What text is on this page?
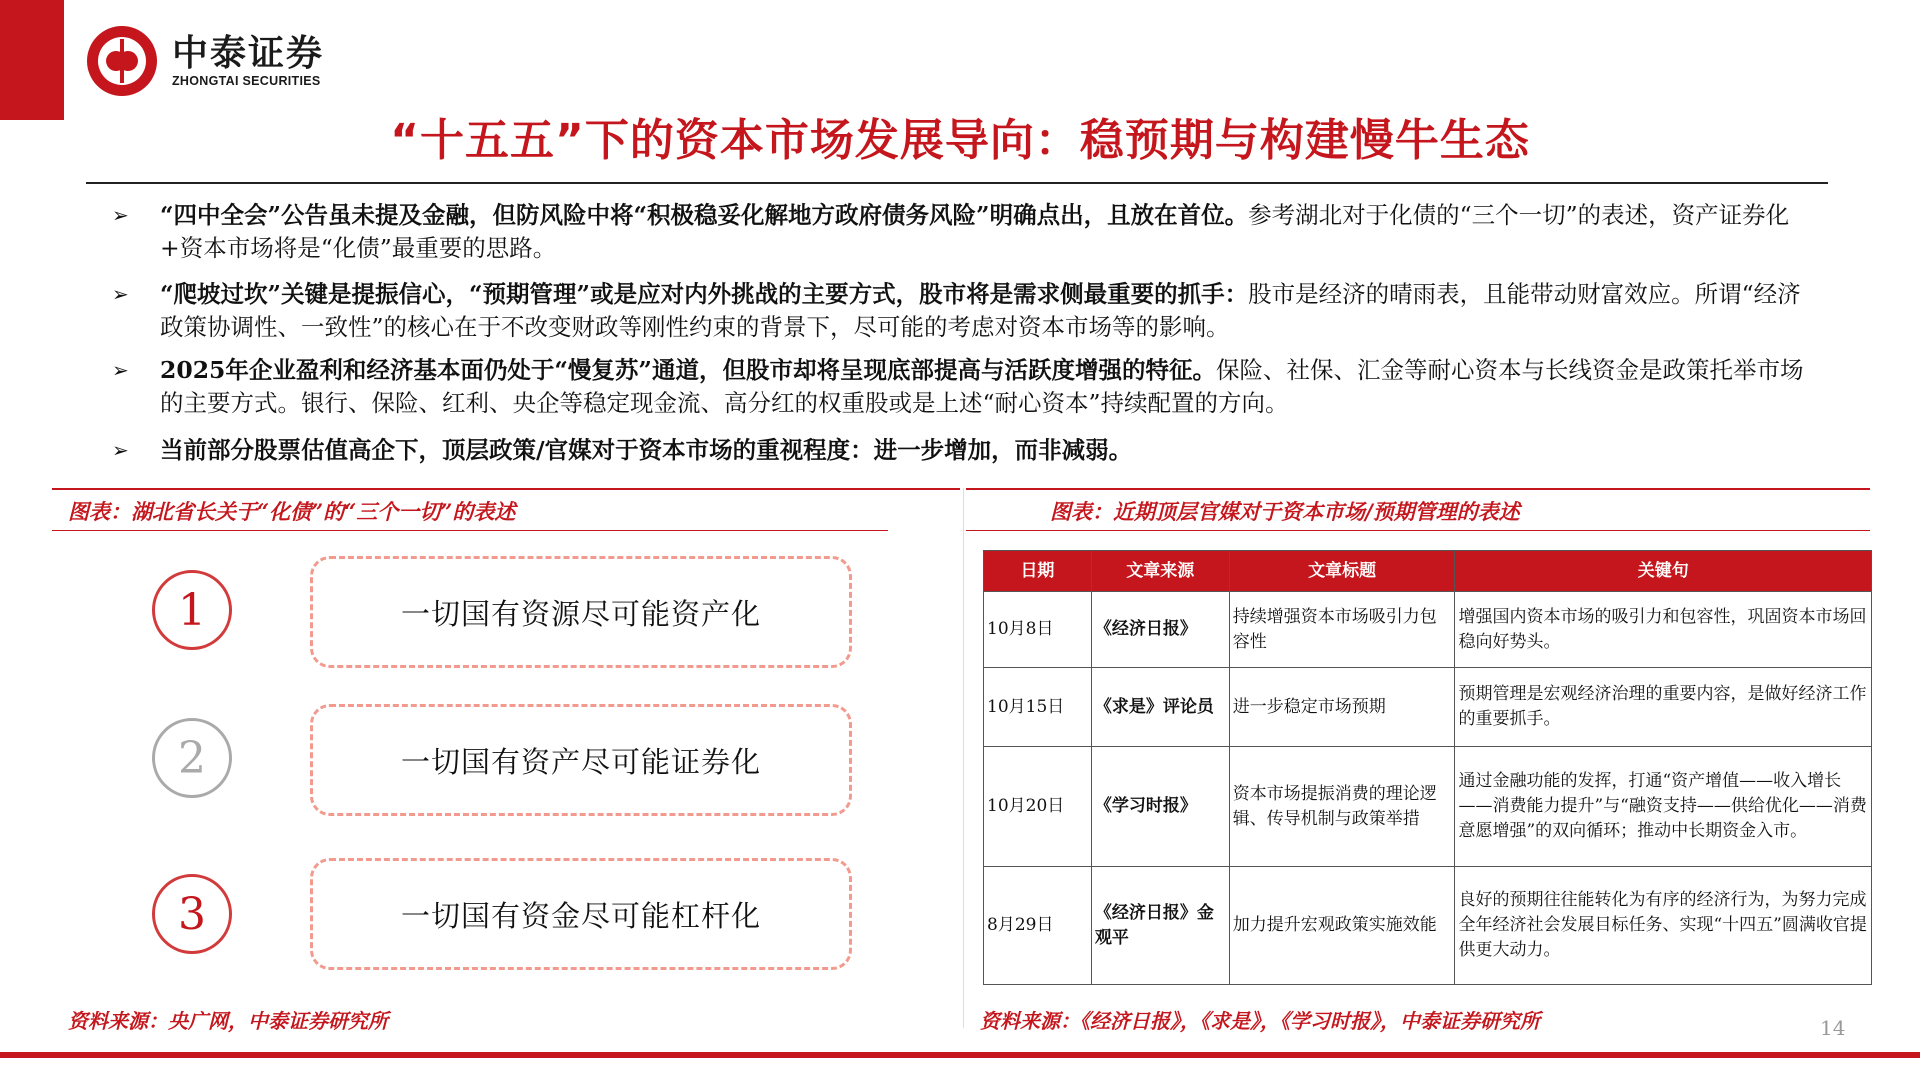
中泰证券
ZHONGTAI SECURITIES
“十五五”下的资本市场发展导向：稳预期与构建慢牛生态
➢	“四中全会”公告虽未提及金融，但防风险中将“积极稳妥化解地方政府债务风险”明确点出，且放在首位。参考湖北对于化债的“三个一切”的表述，资产证券化+资本市场将是“化债”最重要的思路。
➢	“爬坡过坎”关键是提振信心，“预期管理”或是应对内外挑战的主要方式，股市将是需求侧最重要的抓手：股市是经济的晴雨表，且能带动财富效应。所谓“经济政策协调性、一致性”的核心在于不改变财政等刚性约束的背景下，尽可能的考虑对资本市场等的影响。
➢	2025年企业盈利和经济基本面仍处于“慢复苏”通道，但股市却将呈现底部提高与活跃度增强的特征。保险、社保、汇金等耐心资本与长线资金是政策托举市场的主要方式。银行、保险、红利、央企等稳定现金流、高分红的权重股或是上述“耐心资本”持续配置的方向。
➢	当前部分股票估值高企下，顶层政策/官媒对于资本市场的重视程度：进一步增加，而非减弱。
图表：湖北省长关于“化债”的“三个一切”的表述
1	一切国有资源尽可能资产化
2	一切国有资产尽可能证券化
3	一切国有资金尽可能杠杆化
资料来源：央广网，中泰证券研究所
图表：近期顶层官媒对于资本市场/预期管理的表述
日期	文章来源	文章标题	关键句
10月8日	《经济日报》	持续增强资本市场吸引力包容性	增强国内资本市场的吸引力和包容性，巩固资本市场回稳向好势头。
10月15日	《求是》评论员	进一步稳定市场预期	预期管理是宏观经济治理的重要内容，是做好经济工作的重要抓手。
10月20日	《学习时报》	资本市场提振消费的理论逻辑、传导机制与政策举措	通过金融功能的发挥，打通“资产增值——收入增长——消费能力提升”与“融资支持——供给优化——消费意愿增强”的双向循环；推动中长期资金入市。
8月29日	《经济日报》金观平	加力提升宏观政策实施效能	良好的预期往往能转化为有序的经济行为，为努力完成全年经济社会发展目标任务、实现“十四五”圆满收官提供更大动力。
资料来源：《经济日报》，《求是》，《学习时报》，中泰证券研究所	14
